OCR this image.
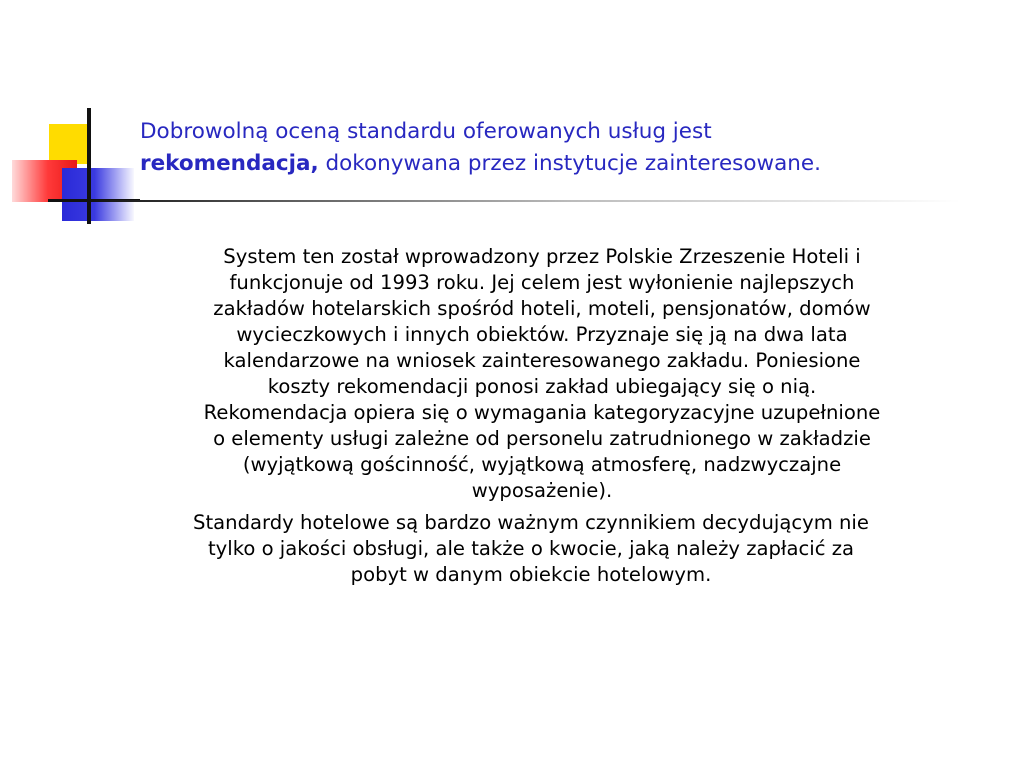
Dobrowolną oceną standardu oferowanych usług jest
rekomendacja, dokonywana przez instytucje zainteresowane.

System ten został wprowadzony przez Polskie Zrzeszenie Hoteli i
funkcjonuje od 1993 roku. Jej celem jest wyłonienie najlepszych
zakładów hotelarskich spośród hoteli, moteli, pensjonatów, domów
wycieczkowych i innych obiektów. Przyznaje się ją na dwa lata
kalendarzowe na wniosek zainteresowanego zakładu. Poniesione
koszty rekomendacji ponosi zakład ubiegający się o nią.
Rekomendacja opiera się o wymagania kategoryzacyjne uzupełnione
o elementy usługi zależne od personelu zatrudnionego w zakładzie
(wyjątkową gościnność, wyjątkową atmosferę, nadzwyczajne
wyposażenie).

Standardy hotelowe są bardzo ważnym czynnikiem decydującym nie
tylko o jakości obsługi, ale także o kwocie, jaką należy zapłacić za
pobyt w danym obiekcie hotelowym.
